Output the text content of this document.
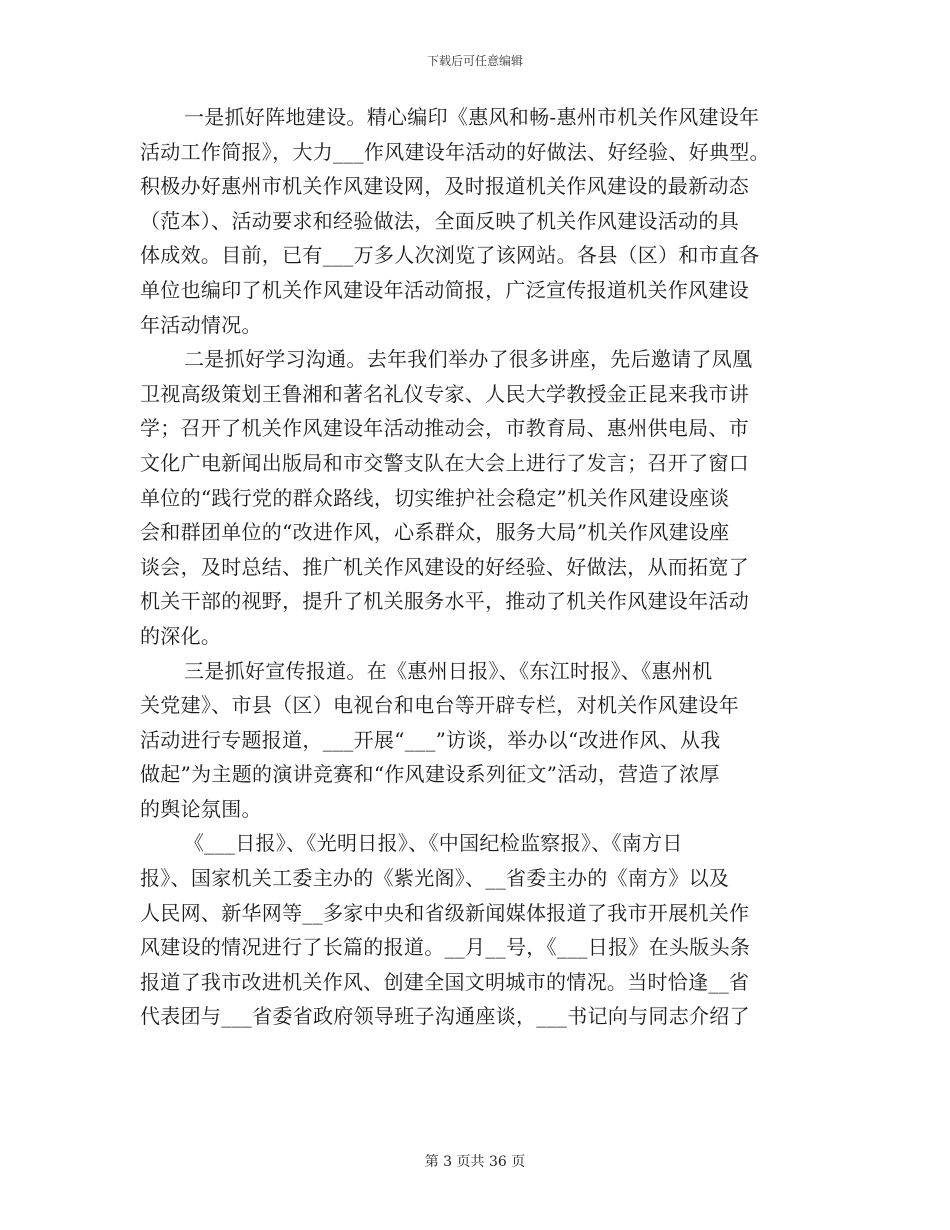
下载后可任意编辑
一是抓好阵地建设。精心编印《惠风和畅-惠州市机关作风建设年
活动工作简报》，大力___作风建设年活动的好做法、好经验、好典型。
积极办好惠州市机关作风建设网，及时报道机关作风建设的最新动态
（范本）、活动要求和经验做法，全面反映了机关作风建设活动的具
体成效。目前，已有___万多人次浏览了该网站。各县（区）和市直各
单位也编印了机关作风建设年活动简报，广泛宣传报道机关作风建设
年活动情况。
二是抓好学习沟通。去年我们举办了很多讲座，先后邀请了凤凰
卫视高级策划王鲁湘和著名礼仪专家、人民大学教授金正昆来我市讲
学；召开了机关作风建设年活动推动会，市教育局、惠州供电局、市
文化广电新闻出版局和市交警支队在大会上进行了发言；召开了窗口
单位的“践行党的群众路线，切实维护社会稳定”机关作风建设座谈
会和群团单位的“改进作风，心系群众，服务大局”机关作风建设座
谈会，及时总结、推广机关作风建设的好经验、好做法，从而拓宽了
机关干部的视野，提升了机关服务水平，推动了机关作风建设年活动
的深化。
三是抓好宣传报道。在《惠州日报》、《东江时报》、《惠州机
关党建》、市县（区）电视台和电台等开辟专栏，对机关作风建设年
活动进行专题报道，___开展“___”访谈，举办以“改进作风、从我
做起”为主题的演讲竞赛和“作风建设系列征文”活动，营造了浓厚
的舆论氛围。
《___日报》、《光明日报》、《中国纪检监察报》、《南方日
报》、国家机关工委主办的《紫光阁》、__省委主办的《南方》以及
人民网、新华网等__多家中央和省级新闻媒体报道了我市开展机关作
风建设的情况进行了长篇的报道。__月__号，《___日报》在头版头条
报道了我市改进机关作风、创建全国文明城市的情况。当时恰逢__省
代表团与___省委省政府领导班子沟通座谈，___书记向与同志介绍了
第 3 页共 36 页
